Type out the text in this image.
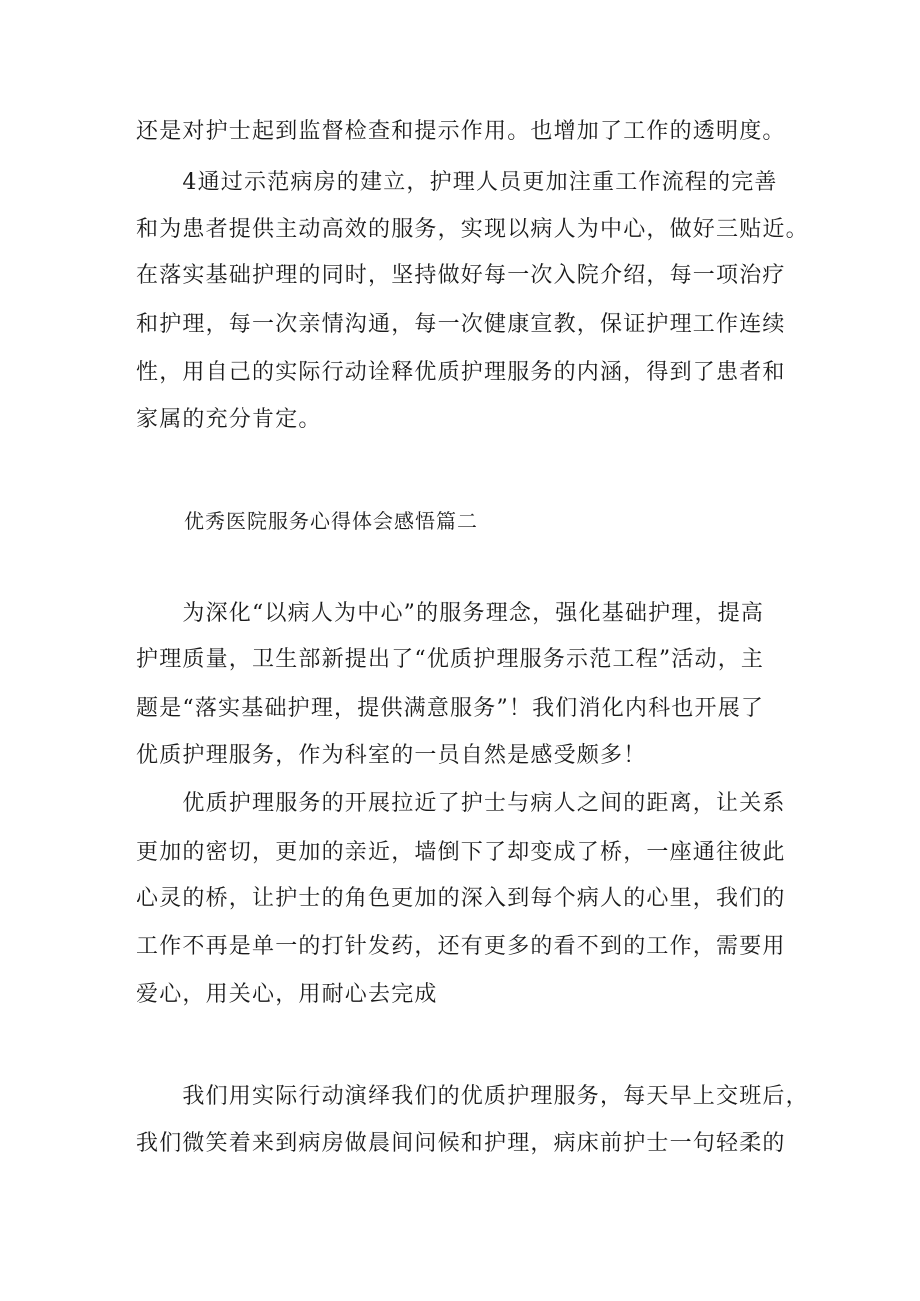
还是对护士起到监督检查和提示作用。也增加了工作的透明度。
　　4通过示范病房的建立，护理人员更加注重工作流程的完善
和为患者提供主动高效的服务，实现以病人为中心，做好三贴近。
在落实基础护理的同时，坚持做好每一次入院介绍，每一项治疗
和护理，每一次亲情沟通，每一次健康宣教，保证护理工作连续
性，用自己的实际行动诠释优质护理服务的内涵，得到了患者和
家属的充分肯定。
优秀医院服务心得体会感悟篇二
　　为深化“以病人为中心”的服务理念，强化基础护理，提高
护理质量，卫生部新提出了“优质护理服务示范工程”活动，主
题是“落实基础护理，提供满意服务”！我们消化内科也开展了
优质护理服务，作为科室的一员自然是感受颇多！
　　优质护理服务的开展拉近了护士与病人之间的距离，让关系
更加的密切，更加的亲近，墙倒下了却变成了桥，一座通往彼此
心灵的桥，让护士的角色更加的深入到每个病人的心里，我们的
工作不再是单一的打针发药，还有更多的看不到的工作，需要用
爱心，用关心，用耐心去完成
　　我们用实际行动演绎我们的优质护理服务，每天早上交班后，
我们微笑着来到病房做晨间问候和护理，病床前护士一句轻柔的
